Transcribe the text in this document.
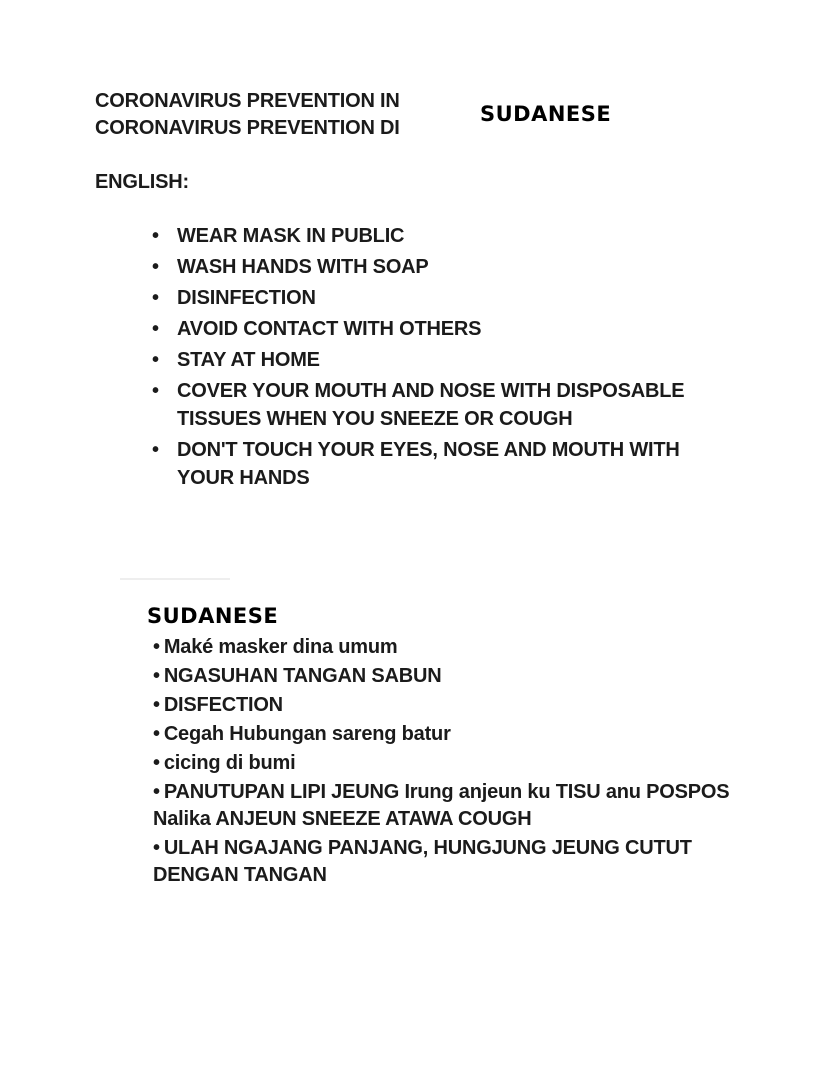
CORONAVIRUS PREVENTION IN
CORONAVIRUS PREVENTION DI
SUDANESE
ENGLISH:
• WEAR MASK IN PUBLIC
• WASH HANDS WITH SOAP
• DISINFECTION
• AVOID CONTACT WITH OTHERS
• STAY AT HOME
• COVER YOUR MOUTH AND NOSE WITH DISPOSABLE TISSUES WHEN YOU SNEEZE OR COUGH
• DON'T TOUCH YOUR EYES, NOSE AND MOUTH WITH YOUR HANDS
SUDANESE
• Maké masker dina umum
• NGASUHAN TANGAN SABUN
• DISFECTION
• Cegah Hubungan sareng batur
• cicing di bumi
• PANUTUPAN LIPI JEUNG Irung anjeun ku TISU anu POSPOS Nalika ANJEUN SNEEZE ATAWA COUGH
• ULAH NGAJANG PANJANG, HUNGJUNG JEUNG CUTUT DENGAN TANGAN
